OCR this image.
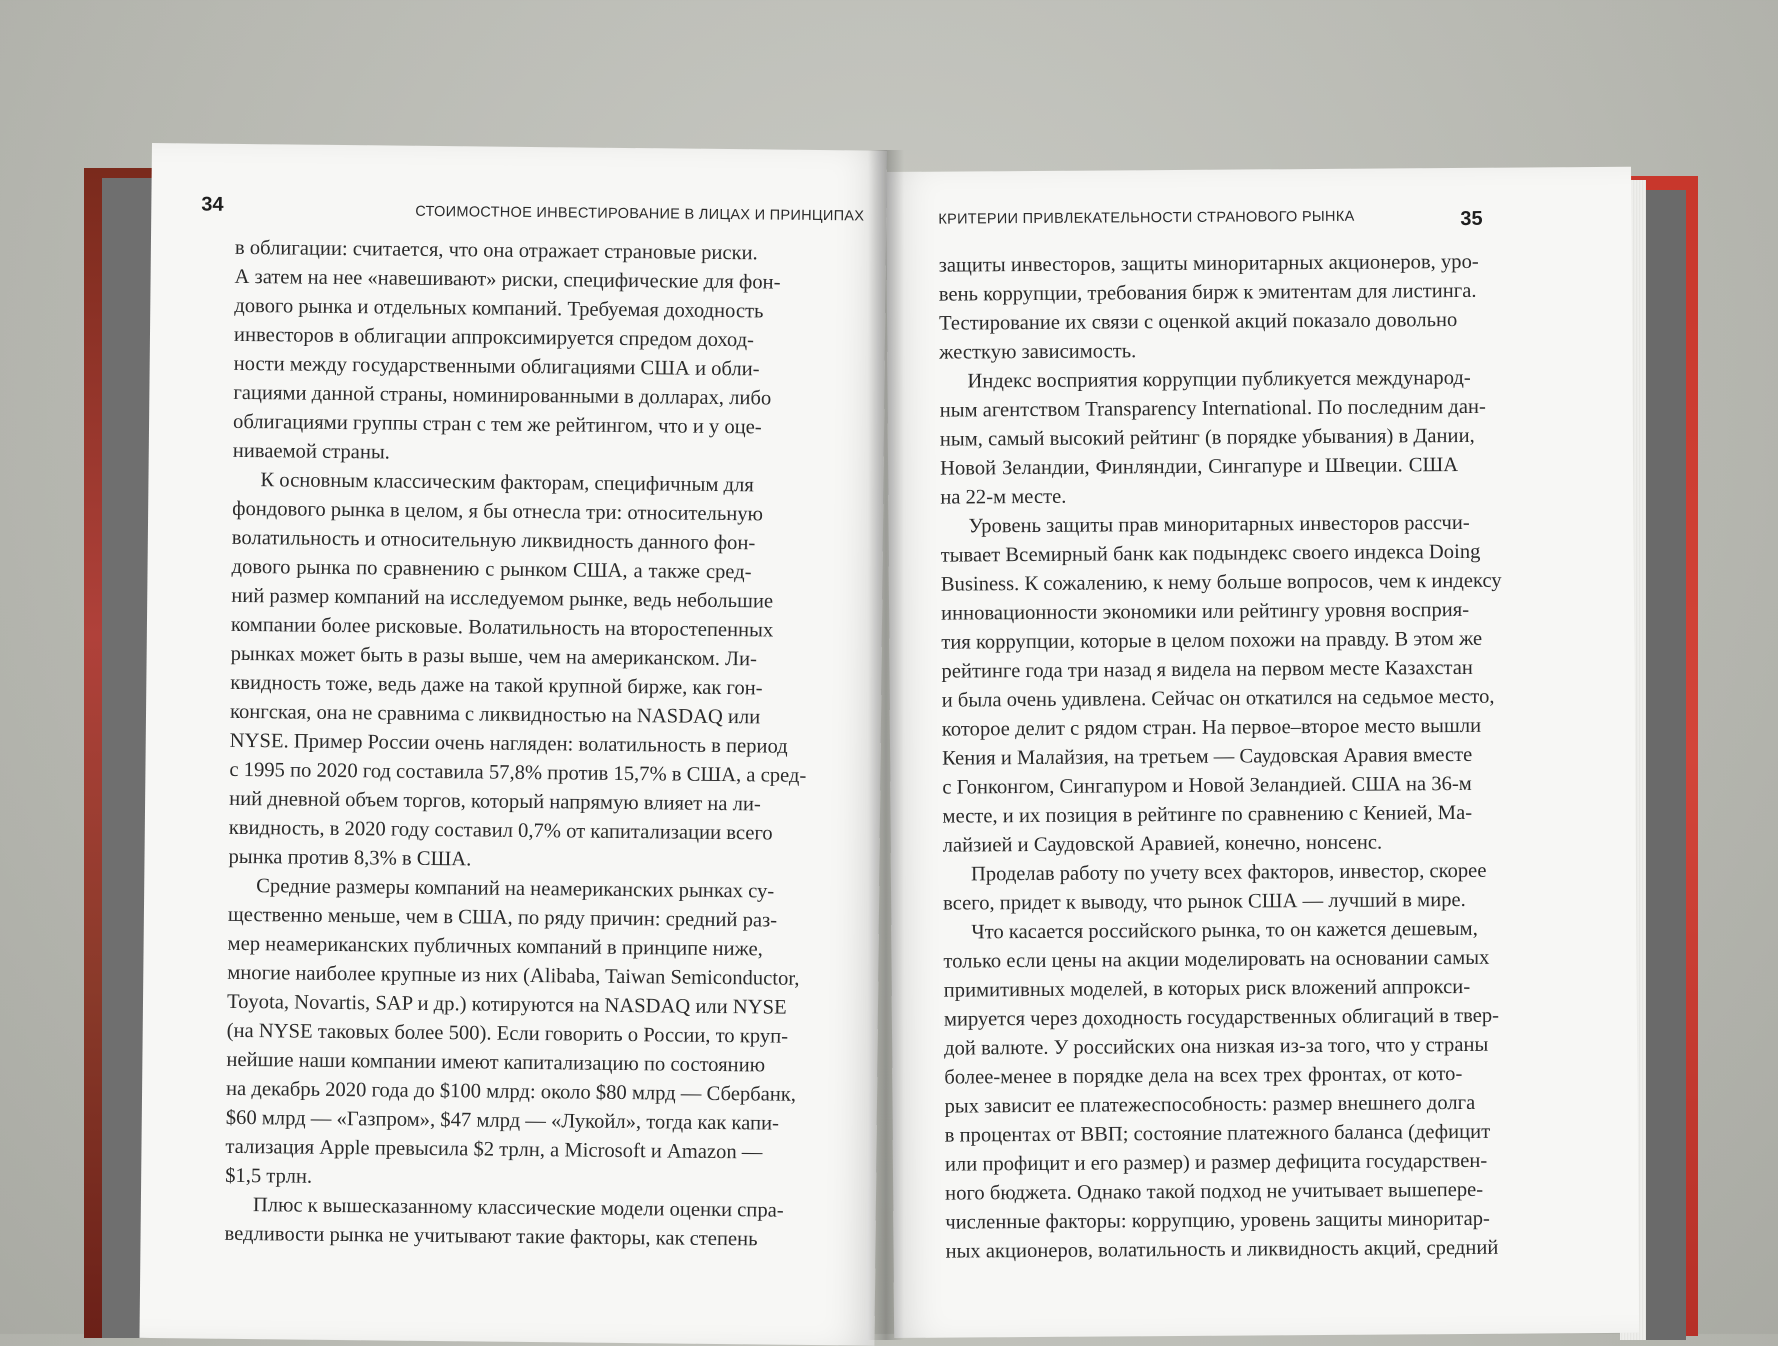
34	СТОИМОСТНОЕ ИНВЕСТИРОВАНИЕ В ЛИЦАХ И ПРИНЦИПАХ
в облигации: считается, что она отражает страновые риски.
А затем на нее «навешивают» риски, специфические для фон-
дового рынка и отдельных компаний. Требуемая доходность
инвесторов в облигации аппроксимируется спредом доход-
ности между государственными облигациями США и обли-
гациями данной страны, номинированными в долларах, либо
облигациями группы стран с тем же рейтингом, что и у оце-
ниваемой страны.
К основным классическим факторам, специфичным для
фондового рынка в целом, я бы отнесла три: относительную
волатильность и относительную ликвидность данного фон-
дового рынка по сравнению с рынком США, а также сред-
ний размер компаний на исследуемом рынке, ведь небольшие
компании более рисковые. Волатильность на второстепенных
рынках может быть в разы выше, чем на американском. Ли-
квидность тоже, ведь даже на такой крупной бирже, как гон-
конгская, она не сравнима с ликвидностью на NASDAQ или
NYSE. Пример России очень нагляден: волатильность в период
с 1995 по 2020 год составила 57,8% против 15,7% в США, а сред-
ний дневной объем торгов, который напрямую влияет на ли-
квидность, в 2020 году составил 0,7% от капитализации всего
рынка против 8,3% в США.
Средние размеры компаний на неамериканских рынках су-
щественно меньше, чем в США, по ряду причин: средний раз-
мер неамериканских публичных компаний в принципе ниже,
многие наиболее крупные из них (Alibaba, Taiwan Semiconductor,
Toyota, Novartis, SAP и др.) котируются на NASDAQ или NYSE
(на NYSE таковых более 500). Если говорить о России, то круп-
нейшие наши компании имеют капитализацию по состоянию
на декабрь 2020 года до $100 млрд: около $80 млрд — Сбербанк,
$60 млрд — «Газпром», $47 млрд — «Лукойл», тогда как капи-
тализация Apple превысила $2 трлн, а Microsoft и Amazon —
$1,5 трлн.
Плюс к вышесказанному классические модели оценки спра-
ведливости рынка не учитывают такие факторы, как степень
КРИТЕРИИ ПРИВЛЕКАТЕЛЬНОСТИ СТРАНОВОГО РЫНКА	35
защиты инвесторов, защиты миноритарных акционеров, уро-
вень коррупции, требования бирж к эмитентам для листинга.
Тестирование их связи с оценкой акций показало довольно
жесткую зависимость.
Индекс восприятия коррупции публикуется международ-
ным агентством Transparency International. По последним дан-
ным, самый высокий рейтинг (в порядке убывания) в Дании,
Новой Зеландии, Финляндии, Сингапуре и Швеции. США
на 22-м месте.
Уровень защиты прав миноритарных инвесторов рассчи-
тывает Всемирный банк как подындекс своего индекса Doing
Business. К сожалению, к нему больше вопросов, чем к индексу
инновационности экономики или рейтингу уровня восприя-
тия коррупции, которые в целом похожи на правду. В этом же
рейтинге года три назад я видела на первом месте Казахстан
и была очень удивлена. Сейчас он откатился на седьмое место,
которое делит с рядом стран. На первое–второе место вышли
Кения и Малайзия, на третьем — Саудовская Аравия вместе
с Гонконгом, Сингапуром и Новой Зеландией. США на 36-м
месте, и их позиция в рейтинге по сравнению с Кенией, Ма-
лайзией и Саудовской Аравией, конечно, нонсенс.
Проделав работу по учету всех факторов, инвестор, скорее
всего, придет к выводу, что рынок США — лучший в мире.
Что касается российского рынка, то он кажется дешевым,
только если цены на акции моделировать на основании самых
примитивных моделей, в которых риск вложений аппрокси-
мируется через доходность государственных облигаций в твер-
дой валюте. У российских она низкая из-за того, что у страны
более-менее в порядке дела на всех трех фронтах, от кото-
рых зависит ее платежеспособность: размер внешнего долга
в процентах от ВВП; состояние платежного баланса (дефицит
или профицит и его размер) и размер дефицита государствен-
ного бюджета. Однако такой подход не учитывает вышепере-
численные факторы: коррупцию, уровень защиты миноритар-
ных акционеров, волатильность и ликвидность акций, средний
